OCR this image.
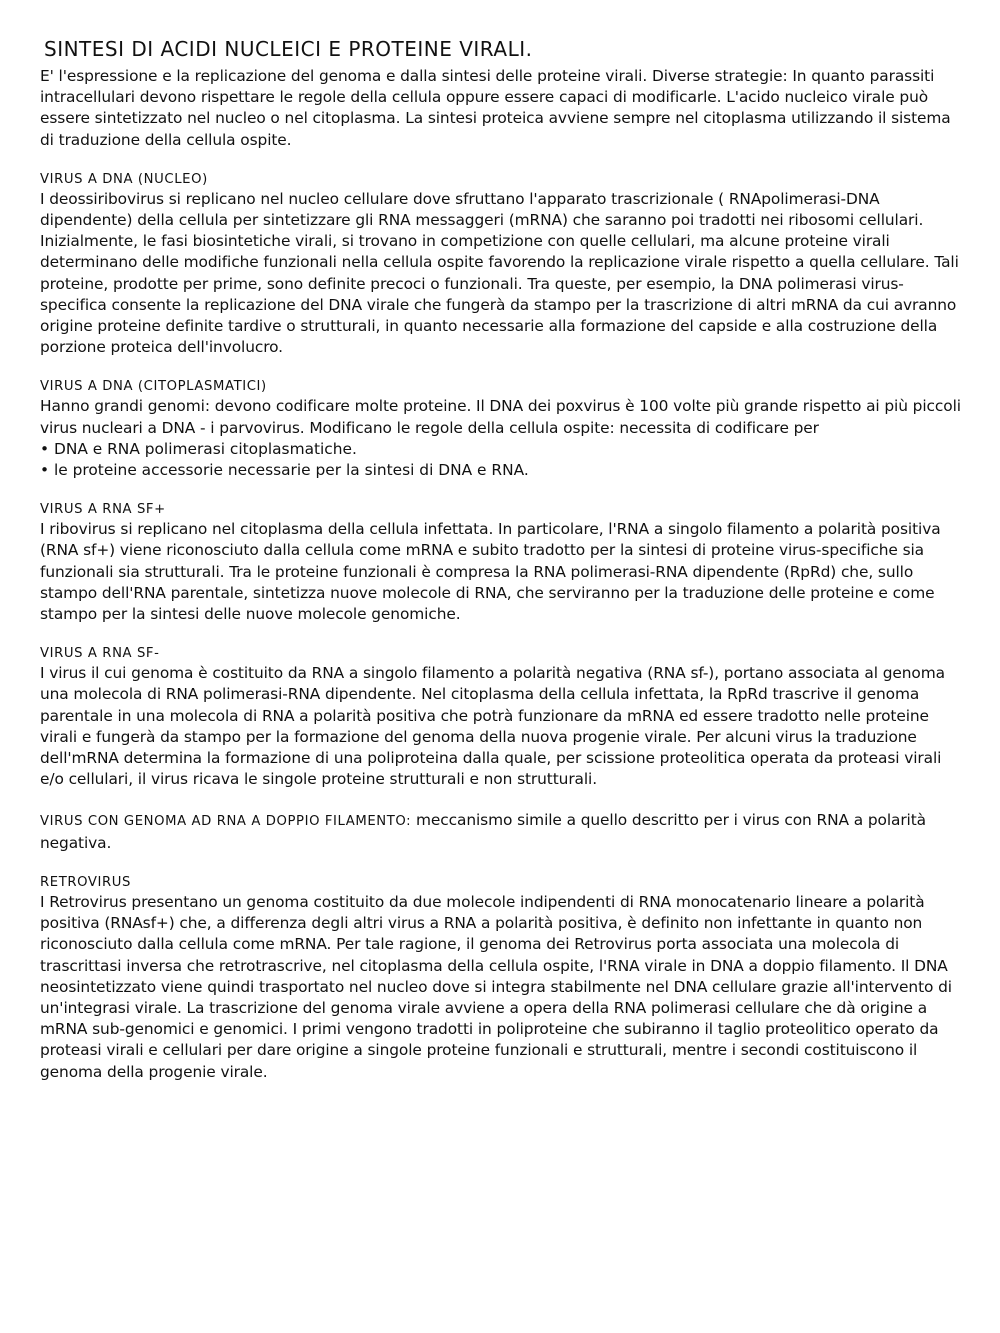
SINTESI DI ACIDI NUCLEICI E PROTEINE VIRALI.

E' l'espressione e la replicazione del genoma e dalla sintesi delle proteine virali. Diverse strategie: In quanto parassiti intracellulari devono rispettare le regole della cellula oppure essere capaci di modificarle. L'acido nucleico virale può essere sintetizzato nel nucleo o nel citoplasma. La sintesi proteica avviene sempre nel citoplasma utilizzando il sistema di traduzione della cellula ospite.

VIRUS A DNA (NUCLEO)

I deossiribovirus si replicano nel nucleo cellulare dove sfruttano l'apparato trascrizionale ( RNApolimerasi-DNA dipendente) della cellula per sintetizzare gli RNA messaggeri (mRNA) che saranno poi tradotti nei ribosomi cellulari. Inizialmente, le fasi biosintetiche virali, si trovano in competizione con quelle cellulari, ma alcune proteine virali determinano delle modifiche funzionali nella cellula ospite favorendo la replicazione virale rispetto a quella cellulare. Tali proteine, prodotte per prime, sono definite precoci o funzionali. Tra queste, per esempio, la DNA polimerasi virus-specifica consente la replicazione del DNA virale che fungerà da stampo per la trascrizione di altri mRNA da cui avranno origine proteine definite tardive o strutturali, in quanto necessarie alla formazione del capside e alla costruzione della porzione proteica dell'involucro.

VIRUS A DNA (CITOPLASMATICI)

Hanno grandi genomi: devono codificare molte proteine. Il DNA dei poxvirus è 100 volte più grande rispetto ai più piccoli virus nucleari a DNA - i parvovirus. Modificano le regole della cellula ospite: necessita di codificare per

• DNA e RNA polimerasi citoplasmatiche.

• le proteine accessorie necessarie per la sintesi di DNA e RNA.

VIRUS A RNA SF+

I ribovirus si replicano nel citoplasma della cellula infettata. In particolare, l'RNA a singolo filamento a polarità positiva (RNA sf+) viene riconosciuto dalla cellula come mRNA e subito tradotto per la sintesi di proteine virus-specifiche sia funzionali sia strutturali. Tra le proteine funzionali è compresa la RNA polimerasi-RNA dipendente (RpRd) che, sullo stampo dell'RNA parentale, sintetizza nuove molecole di RNA, che serviranno per la traduzione delle proteine e come stampo per la sintesi delle nuove molecole genomiche.

VIRUS A RNA SF-

I virus il cui genoma è costituito da RNA a singolo filamento a polarità negativa (RNA sf-), portano associata al genoma una molecola di RNA polimerasi-RNA dipendente. Nel citoplasma della cellula infettata, la RpRd trascrive il genoma parentale in una molecola di RNA a polarità positiva che potrà funzionare da mRNA ed essere tradotto nelle proteine virali e fungerà da stampo per la formazione del genoma della nuova progenie virale. Per alcuni virus la traduzione dell'mRNA determina la formazione di una poliproteina dalla quale, per scissione proteolitica operata da proteasi virali e/o cellulari, il virus ricava le singole proteine strutturali e non strutturali.

VIRUS CON GENOMA AD RNA A DOPPIO FILAMENTO: meccanismo simile a quello descritto per i virus con RNA a polarità negativa.

RETROVIRUS

I Retrovirus presentano un genoma costituito da due molecole indipendenti di RNA monocatenario lineare a polarità positiva (RNAsf+) che, a differenza degli altri virus a RNA a polarità positiva, è definito non infettante in quanto non riconosciuto dalla cellula come mRNA. Per tale ragione, il genoma dei Retrovirus porta associata una molecola di trascrittasi inversa che retrotrascrive, nel citoplasma della cellula ospite, l'RNA virale in DNA a doppio filamento. Il DNA neosintetizzato viene quindi trasportato nel nucleo dove si integra stabilmente nel DNA cellulare grazie all'intervento di un'integrasi virale. La trascrizione del genoma virale avviene a opera della RNA polimerasi cellulare che dà origine a mRNA sub-genomici e genomici. I primi vengono tradotti in poliproteine che subiranno il taglio proteolitico operato da proteasi virali e cellulari per dare origine a singole proteine funzionali e strutturali, mentre i secondi costituiscono il genoma della progenie virale.
